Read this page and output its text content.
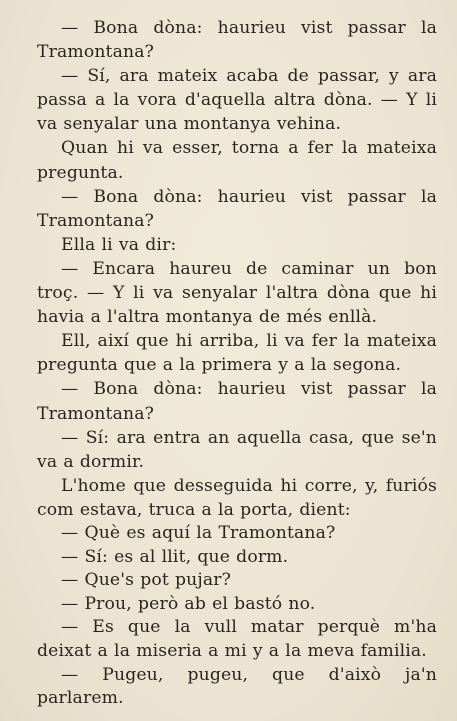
— Bona dòna: haurieu vist passar la Tramontana?

— Sí, ara mateix acaba de passar, y ara passa a la vora d'aquella altra dòna. — Y li va senyalar una montanya vehina.

Quan hi va esser, torna a fer la mateixa pregunta.

— Bona dòna: haurieu vist passar la Tramontana?

Ella li va dir:

— Encara haureu de caminar un bon troç. — Y li va senyalar l'altra dòna que hi havia a l'altra montanya de més enllà.

Ell, així que hi arriba, li va fer la mateixa pregunta que a la primera y a la segona.

— Bona dòna: haurieu vist passar la Tramontana?

— Sí: ara entra an aquella casa, que se'n va a dormir.

L'home que desseguida hi corre, y, furiós com estava, truca a la porta, dient:

— Què es aquí la Tramontana?

— Sí: es al llit, que dorm.

— Que's pot pujar?

— Prou, però ab el bastó no.

— Es que la vull matar perquè m'ha deixat a la miseria a mi y a la meva familia.

— Pugeu, pugeu, que d'això ja'n parlarem.
